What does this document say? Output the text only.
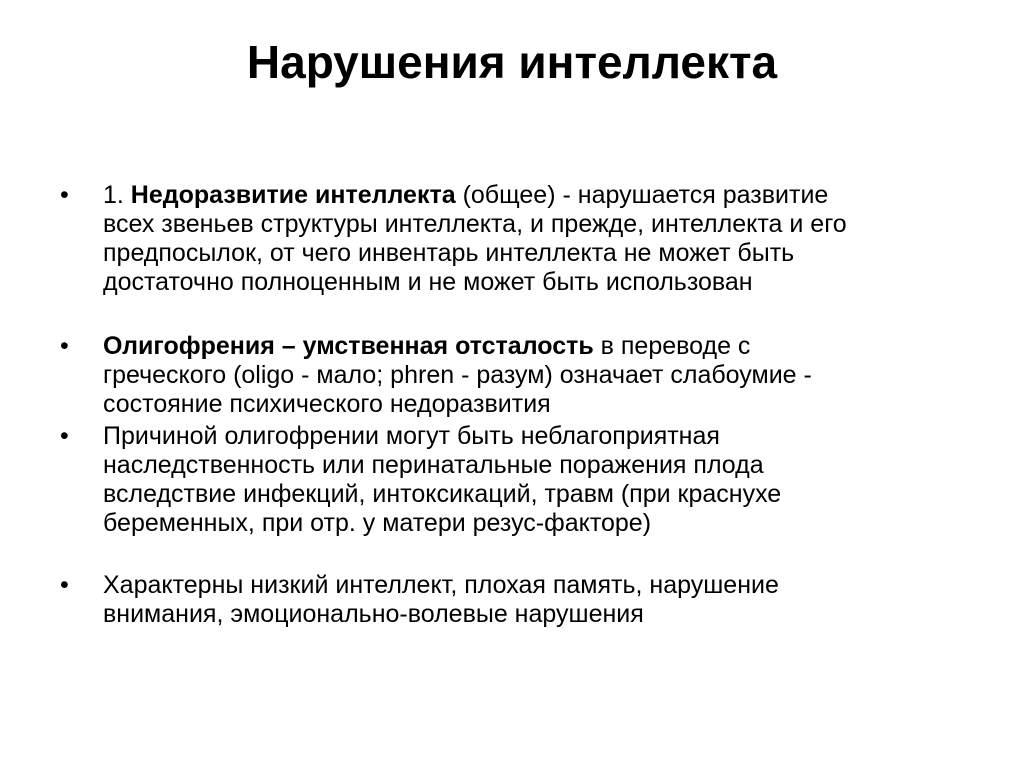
Нарушения интеллекта
• 1. Недоразвитие интеллекта (общее) - нарушается развитие
всех звеньев структуры интеллекта, и прежде, интеллекта и его
предпосылок, от чего инвентарь интеллекта не может быть
достаточно полноценным и не может быть использован
• Олигофрения – умственная отсталость в переводе с
греческого (oligo - мало; phren - разум) означает слабоумие -
состояние психического недоразвития
• Причиной олигофрении могут быть неблагоприятная
наследственность или перинатальные поражения плода
вследствие инфекций, интоксикаций, травм (при краснухе
беременных, при отр. у матери резус-факторе)
• Характерны низкий интеллект, плохая память, нарушение
внимания, эмоционально-волевые нарушения
